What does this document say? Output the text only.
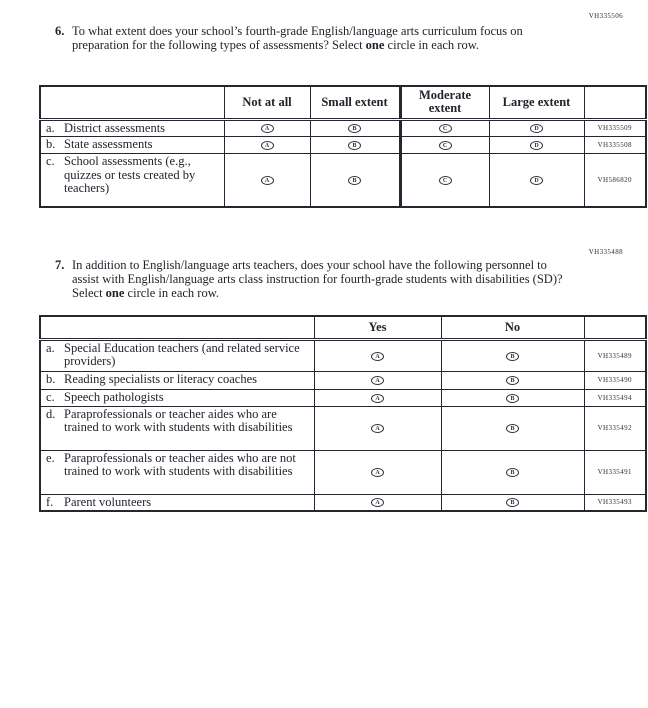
VH335506
6. To what extent does your school’s fourth-grade English/language arts curriculum focus on preparation for the following types of assessments? Select one circle in each row.

	Not at all	Small extent	Moderate extent	Large extent	

a. District assessments	A	B	C	D	VH335509

b. State assessments	A	B	C	D	VH335508

c. School assessments (e.g., quizzes or tests created by teachers)	A	B	C	D	VH586820
VH335488
7. In addition to English/language arts teachers, does your school have the following personnel to assist with English/language arts class instruction for fourth-grade students with disabilities (SD)? Select one circle in each row.

	Yes	No	

a. Special Education teachers (and related service providers)	A	B	VH335489

b. Reading specialists or literacy coaches	A	B	VH335490

c. Speech pathologists	A	B	VH335494

d. Paraprofessionals or teacher aides who are trained to work with students with disabilities	A	B	VH335492

e. Paraprofessionals or teacher aides who are not trained to work with students with disabilities	A	B	VH335491

f. Parent volunteers	A	B	VH335493
